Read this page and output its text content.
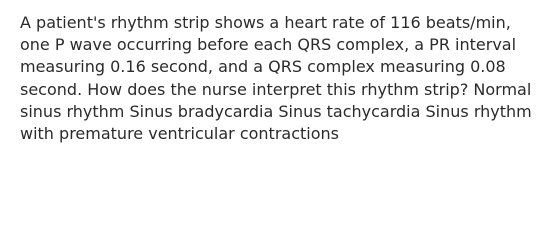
A patient's rhythm strip shows a heart rate of 116 beats/min, one P wave occurring before each QRS complex, a PR interval measuring 0.16 second, and a QRS complex measuring 0.08 second. How does the nurse interpret this rhythm strip? Normal sinus rhythm Sinus bradycardia Sinus tachycardia Sinus rhythm with premature ventricular contractions
